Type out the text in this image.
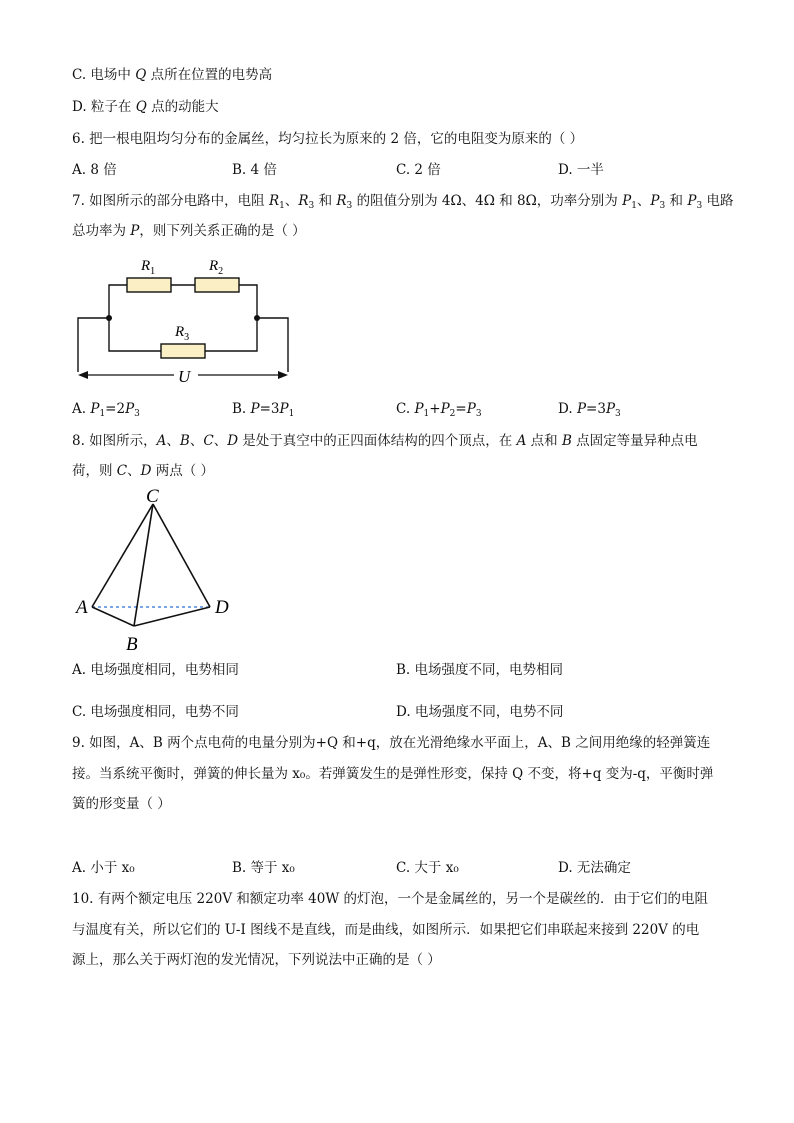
C. 电场中 Q 点所在位置的电势高
D. 粒子在 Q 点的动能大
6. 把一根电阻均匀分布的金属丝，均匀拉长为原来的 2 倍，它的电阻变为原来的（ ）
A. 8 倍	B. 4 倍	C. 2 倍	D. 一半
7. 如图所示的部分电路中，电阻 $R_1$、$R_3$ 和 $R_3$ 的阻值分别为 4Ω、4Ω 和 8Ω，功率分别为 $P_1$、$P_3$ 和 $P_3$ 电路
总功率为 P，则下列关系正确的是（ ）
$R_1$	$R_2$
$R_3$
U
A. $P_1=2P_3$	B. $P=3P_1$	C. $P_1+P_2=P_3$	D. $P=3P_3$
8. 如图所示，A、B、C、D 是处于真空中的正四面体结构的四个顶点，在 A 点和 B 点固定等量异种点电
荷，则 C、D 两点（ ）
C
A
B
D
A. 电场强度相同，电势相同	B. 电场强度不同，电势相同
C. 电场强度相同，电势不同	D. 电场强度不同，电势不同
9. 如图，A、B 两个点电荷的电量分别为+Q 和+q，放在光滑绝缘水平面上，A、B 之间用绝缘的轻弹簧连
接。当系统平衡时，弹簧的伸长量为 x₀。若弹簧发生的是弹性形变，保持 Q 不变，将+q 变为-q，平衡时弹
簧的形变量（ ）
A. 小于 x₀	B. 等于 x₀	C. 大于 x₀	D. 无法确定
10. 有两个额定电压 220V 和额定功率 40W 的灯泡，一个是金属丝的，另一个是碳丝的．由于它们的电阻
与温度有关，所以它们的 U-I 图线不是直线，而是曲线，如图所示．如果把它们串联起来接到 220V 的电
源上，那么关于两灯泡的发光情况，下列说法中正确的是（ ）
